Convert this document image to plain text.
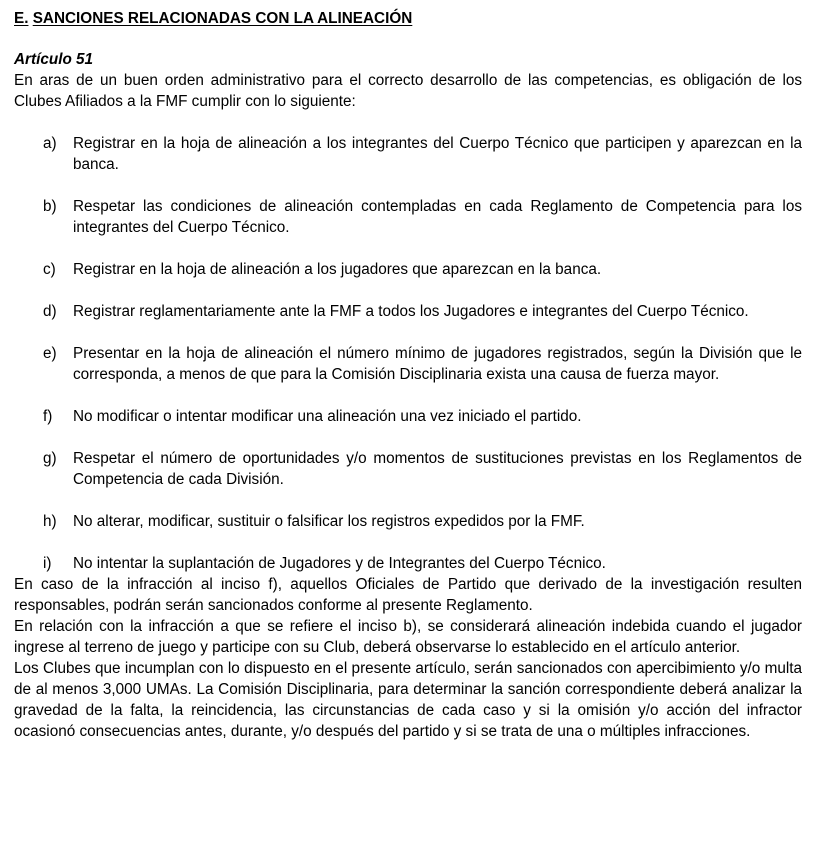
E. SANCIONES RELACIONADAS CON LA ALINEACIÓN
Artículo 51

En aras de un buen orden administrativo para el correcto desarrollo de las competencias, es obligación de los Clubes Afiliados a la FMF cumplir con lo siguiente:

a)	Registrar en la hoja de alineación a los integrantes del Cuerpo Técnico que participen y aparezcan en la banca.
b)	Respetar las condiciones de alineación contempladas en cada Reglamento de Competencia para los integrantes del Cuerpo Técnico.
c)	Registrar en la hoja de alineación a los jugadores que aparezcan en la banca.
d)	Registrar reglamentariamente ante la FMF a todos los Jugadores e integrantes del Cuerpo Técnico.
e)	Presentar en la hoja de alineación el número mínimo de jugadores registrados, según la División que le corresponda, a menos de que para la Comisión Disciplinaria exista una causa de fuerza mayor.
f)	No modificar o intentar modificar una alineación una vez iniciado el partido.
g)	Respetar el número de oportunidades y/o momentos de sustituciones previstas en los Reglamentos de Competencia de cada División.
h)	No alterar, modificar, sustituir o falsificar los registros expedidos por la FMF.
i)	No intentar la suplantación de Jugadores y de Integrantes del Cuerpo Técnico.

En caso de la infracción al inciso f), aquellos Oficiales de Partido que derivado de la investigación resulten responsables, podrán serán sancionados conforme al presente Reglamento.

En relación con la infracción a que se refiere el inciso b), se considerará alineación indebida cuando el jugador ingrese al terreno de juego y participe con su Club, deberá observarse lo establecido en el artículo anterior.

Los Clubes que incumplan con lo dispuesto en el presente artículo, serán sancionados con apercibimiento y/o multa de al menos 3,000 UMAs. La Comisión Disciplinaria, para determinar la sanción correspondiente deberá analizar la gravedad de la falta, la reincidencia, las circunstancias de cada caso y si la omisión y/o acción del infractor ocasionó consecuencias antes, durante, y/o después del partido y si se trata de una o múltiples infracciones.
